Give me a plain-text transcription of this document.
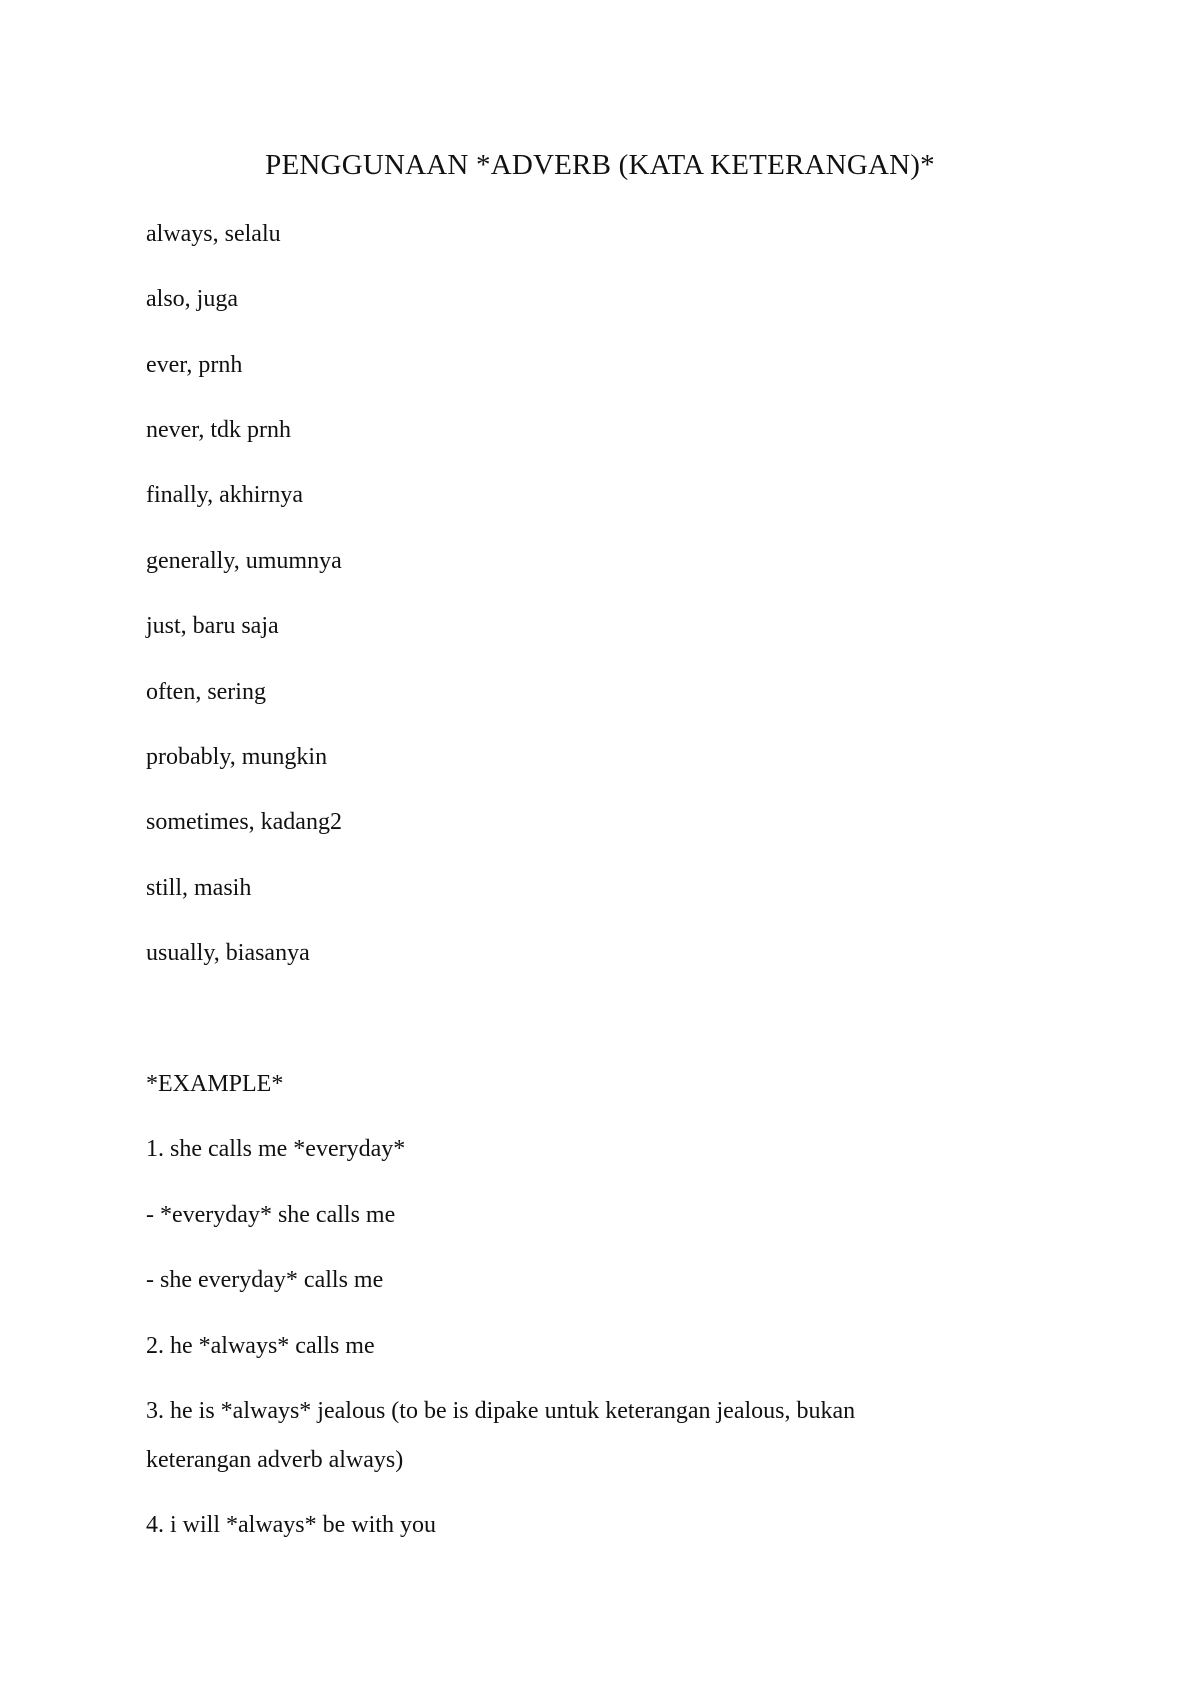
PENGGUNAAN *ADVERB (KATA KETERANGAN)*

always, selalu

also, juga

ever, prnh

never, tdk prnh

finally, akhirnya

generally, umumnya

just, baru saja

often, sering

probably, mungkin

sometimes, kadang2

still, masih

usually, biasanya

*EXAMPLE*

1. she calls me *everyday*

- *everyday* she calls me

- she everyday* calls me

2. he *always* calls me

3. he is *always* jealous (to be is dipake untuk keterangan jealous, bukan

keterangan adverb always)

4. i will *always* be with you
